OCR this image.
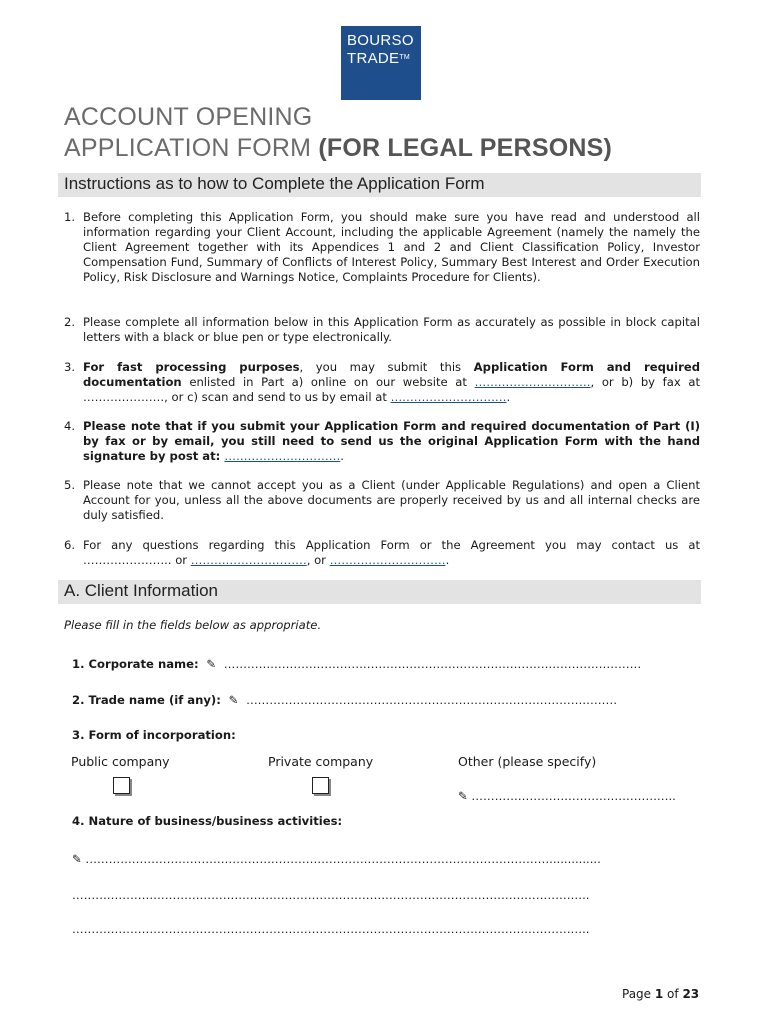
BOURSO
TRADE™
ACCOUNT OPENING
APPLICATION FORM (FOR LEGAL PERSONS)
Instructions as to how to Complete the Application Form
1. Before completing this Application Form, you should make sure you have read and understood all information regarding your Client Account, including the applicable Agreement (namely the namely the Client Agreement together with its Appendices 1 and 2 and Client Classification Policy, Investor Compensation Fund, Summary of Conflicts of Interest Policy, Summary Best Interest and Order Execution Policy, Risk Disclosure and Warnings Notice, Complaints Procedure for Clients).
2. Please complete all information below in this Application Form as accurately as possible in block capital letters with a black or blue pen or type electronically.
3. For fast processing purposes, you may submit this Application Form and required documentation enlisted in Part a) online on our website at …………………………, or b) by fax at …………………, or c) scan and send to us by email at ………………………….
4. Please note that if you submit your Application Form and required documentation of Part (I) by fax or by email, you still need to send us the original Application Form with the hand signature by post at: ………………………….
5. Please note that we cannot accept you as a Client (under Applicable Regulations) and open a Client Account for you, unless all the above documents are properly received by us and all internal checks are duly satisfied.
6. For any questions regarding this Application Form or the Agreement you may contact us at ………………….. or …………………………, or ………………………….
A. Client Information
Please fill in the fields below as appropriate.
1. Corporate name:  ✎  ………………………………………………………………………………………………
2. Trade name (if any):  ✎  ……………………………………………………………………………………
3. Form of incorporation:
Public company	Private company	Other (please specify)
✎ ……………………………………………..
4. Nature of business/business activities:
✎ …………………………………………………………………………………………………………..............
……………………………………………………………………………………………………………………..
……………………………………………………………………………………………………………………..
Page 1 of 23
